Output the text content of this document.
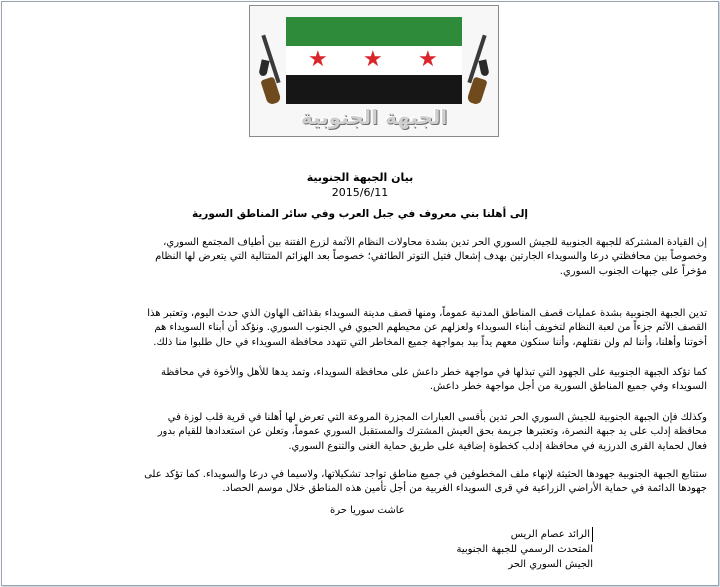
★ ★ ★
الجبهة الجنوبية
بيان الجبهة الجنوبية
2015/6/11
إلى أهلنا بني معروف في جبل العرب وفي سائر المناطق السورية

إن القيادة المشتركة للجبهة الجنوبية للجيش السوري الحر تدين بشدة محاولات النظام الآثمة لزرع الفتنة بين أطياف المجتمع السوري، وخصوصاً بين محافظتي درعا والسويداء الجارتين بهدف إشعال فتيل التوتر الطائفي؛ خصوصاً بعد الهزائم المتتالية التي يتعرض لها النظام مؤخراً على جبهات الجنوب السوري.

تدين الجبهة الجنوبية بشدة عمليات قصف المناطق المدنية عموماً، ومنها قصف مدينة السويداء بقذائف الهاون الذي حدث اليوم، وتعتبر هذا القصف الآثم جزءاً من لعبة النظام لتخويف أبناء السويداء ولعزلهم عن محيطهم الحيوي في الجنوب السوري. ونؤكد أن أبناء السويداء هم أخوتنا وأهلنا، وأننا لم ولن نقتلهم، وأننا سنكون معهم يداً بيد بمواجهة جميع المخاطر التي تتهدد محافظة السويداء في حال طلبوا منا ذلك.

كما تؤكد الجبهة الجنوبية على الجهود التي تبذلها في مواجهة خطر داعش على محافظة السويداء، وتمد يدها للأهل والأخوة في محافظة السويداء وفي جميع المناطق السورية من أجل مواجهة خطر داعش.

وكذلك فإن الجبهة الجنوبية للجيش السوري الحر تدين بأقسى العبارات المجزرة المروعة التي تعرض لها أهلنا في قرية قلب لوزة في محافظة إدلب على يد جبهة النصرة، وتعتبرها جريمة بحق العيش المشترك والمستقبل السوري عموماً، وتعلن عن استعدادها للقيام بدور فعال لحماية القرى الدرزية في محافظة إدلب كخطوة إضافية على طريق حماية الغنى والتنوع السوري.

ستتابع الجبهة الجنوبية جهودها الحثيثة لإنهاء ملف المخطوفين في جميع مناطق تواجد تشكيلاتها، ولاسيما في درعا والسويداء. كما تؤكد على جهودها الدائمة في حماية الأراضي الزراعية في قرى السويداء الغربية من أجل تأمين هذه المناطق خلال موسم الحصاد.

عاشت سوريا حرة

الرائد عصام الريس
المتحدث الرسمي للجبهة الجنوبية
الجيش السوري الحر
